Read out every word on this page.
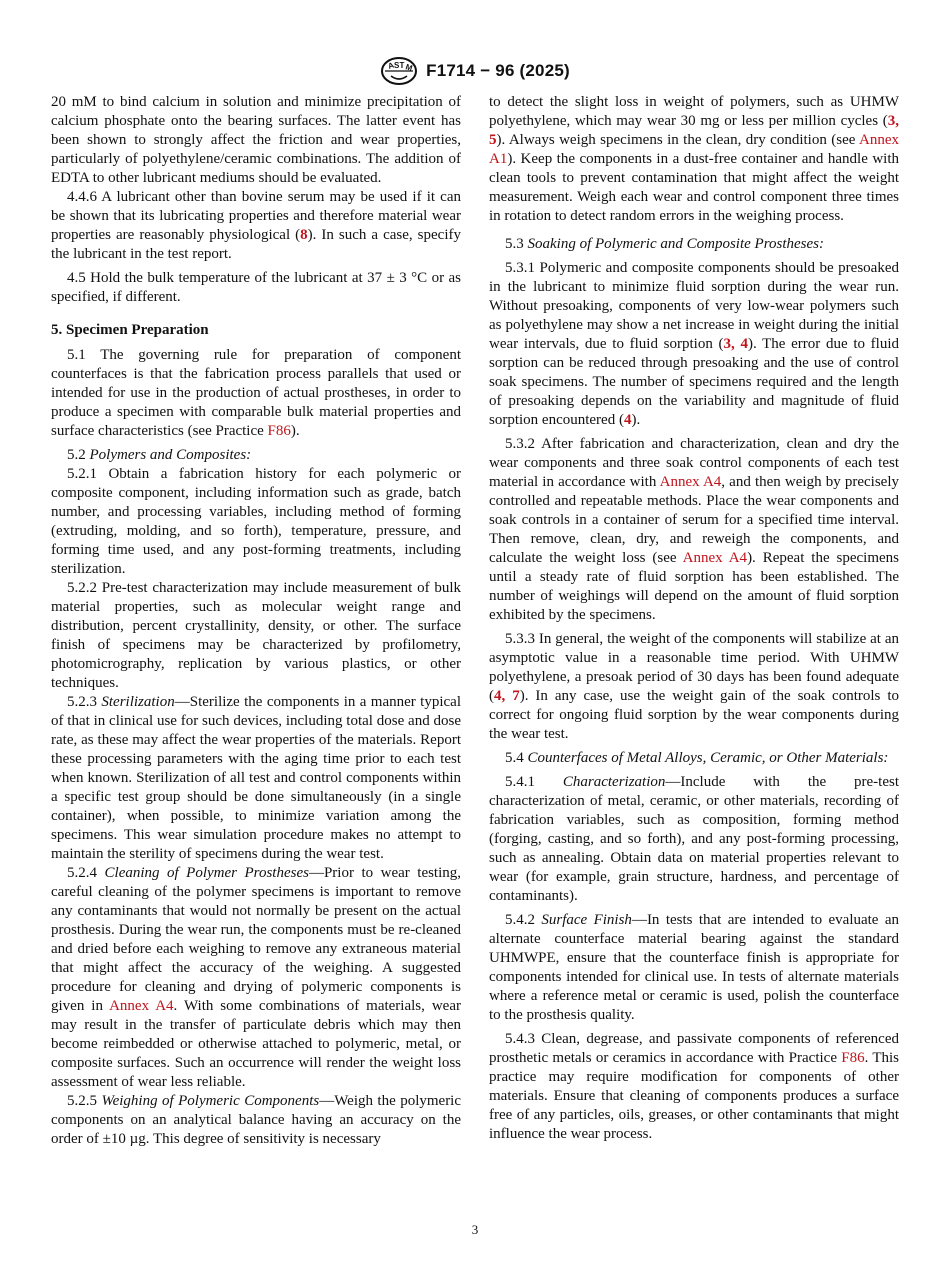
A
S T M F1714 − 96 (2025)

20 mM to bind calcium in solution and minimize precipitation of calcium phosphate onto the bearing surfaces. The latter event has been shown to strongly affect the friction and wear properties, particularly of polyethylene/ceramic combinations. The addition of EDTA to other lubricant mediums should be evaluated.

4.4.6 A lubricant other than bovine serum may be used if it can be shown that its lubricating properties and therefore material wear properties are reasonably physiological (8). In such a case, specify the lubricant in the test report.

4.5 Hold the bulk temperature of the lubricant at 37 ± 3 °C or as specified, if different.

5. Specimen Preparation

5.1 The governing rule for preparation of component counterfaces is that the fabrication process parallels that used or intended for use in the production of actual prostheses, in order to produce a specimen with comparable bulk material properties and surface characteristics (see Practice F86).

5.2 Polymers and Composites:

5.2.1 Obtain a fabrication history for each polymeric or composite component, including information such as grade, batch number, and processing variables, including method of forming (extruding, molding, and so forth), temperature, pressure, and forming time used, and any post-forming treatments, including sterilization.

5.2.2 Pre-test characterization may include measurement of bulk material properties, such as molecular weight range and distribution, percent crystallinity, density, or other. The surface finish of specimens may be characterized by profilometry, photomicrography, replication by various plastics, or other techniques.

5.2.3 Sterilization—Sterilize the components in a manner typical of that in clinical use for such devices, including total dose and dose rate, as these may affect the wear properties of the materials. Report these processing parameters with the aging time prior to each test when known. Sterilization of all test and control components within a specific test group should be done simultaneously (in a single container), when possible, to minimize variation among the specimens. This wear simulation procedure makes no attempt to maintain the sterility of specimens during the wear test.

5.2.4 Cleaning of Polymer Prostheses—Prior to wear testing, careful cleaning of the polymer specimens is important to remove any contaminants that would not normally be present on the actual prosthesis. During the wear run, the components must be re-cleaned and dried before each weighing to remove any extraneous material that might affect the accuracy of the weighing. A suggested procedure for cleaning and drying of polymeric components is given in Annex A4. With some combinations of materials, wear may result in the transfer of particulate debris which may then become reimbedded or otherwise attached to polymeric, metal, or composite surfaces. Such an occurrence will render the weight loss assessment of wear less reliable.

5.2.5 Weighing of Polymeric Components—Weigh the polymeric components on an analytical balance having an accuracy on the order of ±10 µg. This degree of sensitivity is necessary

to detect the slight loss in weight of polymers, such as UHMW polyethylene, which may wear 30 mg or less per million cycles (3, 5). Always weigh specimens in the clean, dry condition (see Annex A1). Keep the components in a dust-free container and handle with clean tools to prevent contamination that might affect the weight measurement. Weigh each wear and control component three times in rotation to detect random errors in the weighing process.

5.3 Soaking of Polymeric and Composite Prostheses:

5.3.1 Polymeric and composite components should be presoaked in the lubricant to minimize fluid sorption during the wear run. Without presoaking, components of very low-wear polymers such as polyethylene may show a net increase in weight during the initial wear intervals, due to fluid sorption (3, 4). The error due to fluid sorption can be reduced through presoaking and the use of control soak specimens. The number of specimens required and the length of presoaking depends on the variability and magnitude of fluid sorption encountered (4).

5.3.2 After fabrication and characterization, clean and dry the wear components and three soak control components of each test material in accordance with Annex A4, and then weigh by precisely controlled and repeatable methods. Place the wear components and soak controls in a container of serum for a specified time interval. Then remove, clean, dry, and reweigh the components, and calculate the weight loss (see Annex A4). Repeat the specimens until a steady rate of fluid sorption has been established. The number of weighings will depend on the amount of fluid sorption exhibited by the specimens.

5.3.3 In general, the weight of the components will stabilize at an asymptotic value in a reasonable time period. With UHMW polyethylene, a presoak period of 30 days has been found adequate (4, 7). In any case, use the weight gain of the soak controls to correct for ongoing fluid sorption by the wear components during the wear test.

5.4 Counterfaces of Metal Alloys, Ceramic, or Other Materials:

5.4.1 Characterization—Include with the pre-test characterization of metal, ceramic, or other materials, recording of fabrication variables, such as composition, forming method (forging, casting, and so forth), and any post-forming processing, such as annealing. Obtain data on material properties relevant to wear (for example, grain structure, hardness, and percentage of contaminants).

5.4.2 Surface Finish—In tests that are intended to evaluate an alternate counterface material bearing against the standard UHMWPE, ensure that the counterface finish is appropriate for components intended for clinical use. In tests of alternate materials where a reference metal or ceramic is used, polish the counterface to the prosthesis quality.

5.4.3 Clean, degrease, and passivate components of referenced prosthetic metals or ceramics in accordance with Practice F86. This practice may require modification for components of other materials. Ensure that cleaning of components produces a surface free of any particles, oils, greases, or other contaminants that might influence the wear process.

3
